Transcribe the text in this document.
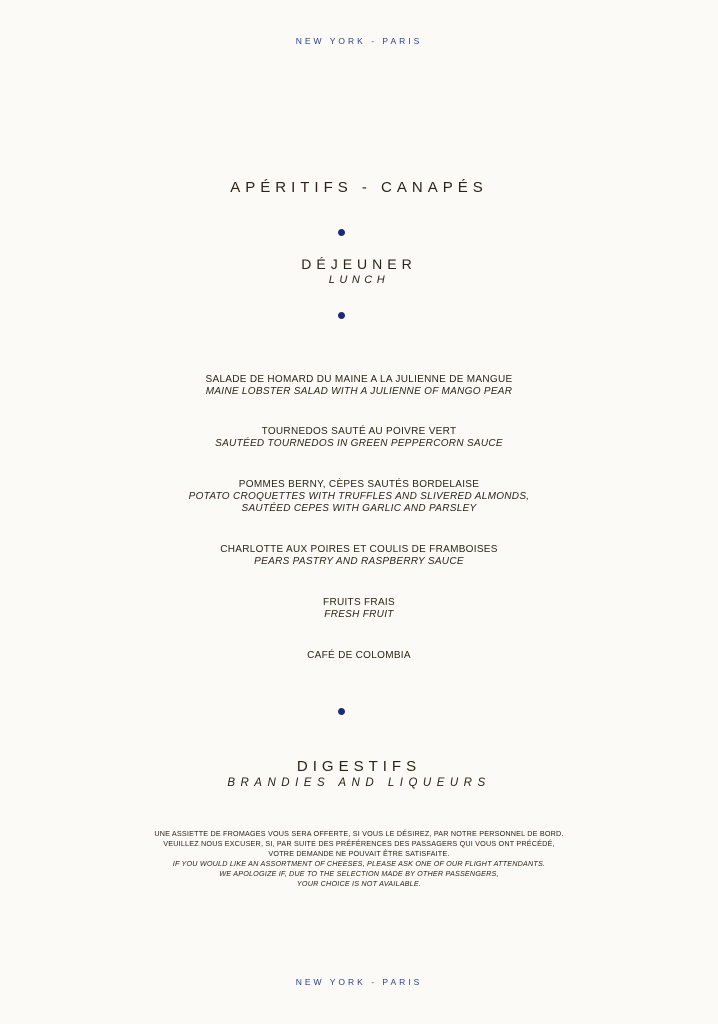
NEW YORK - PARIS
APÉRITIFS - CANAPÉS
DÉJEUNER
LUNCH
SALADE DE HOMARD DU MAINE A LA JULIENNE DE MANGUE
MAINE LOBSTER SALAD WITH A JULIENNE OF MANGO PEAR
TOURNEDOS SAUTÉ AU POIVRE VERT
SAUTÉED TOURNEDOS IN GREEN PEPPERCORN SAUCE
POMMES BERNY, CÈPES SAUTÉS BORDELAISE
POTATO CROQUETTES WITH TRUFFLES AND SLIVERED ALMONDS,
SAUTÉED CEPES WITH GARLIC AND PARSLEY
CHARLOTTE AUX POIRES ET COULIS DE FRAMBOISES
PEARS PASTRY AND RASPBERRY SAUCE
FRUITS FRAIS
FRESH FRUIT
CAFÉ DE COLOMBIA
DIGESTIFS
BRANDIES AND LIQUEURS
UNE ASSIETTE DE FROMAGES VOUS SERA OFFERTE, SI VOUS LE DÉSIREZ, PAR NOTRE PERSONNEL DE BORD.
VEUILLEZ NOUS EXCUSER, SI, PAR SUITE DES PRÉFÉRENCES DES PASSAGERS QUI VOUS ONT PRÉCÉDÉ,
VOTRE DEMANDE NE POUVAIT ÊTRE SATISFAITE.
IF YOU WOULD LIKE AN ASSORTMENT OF CHEESES, PLEASE ASK ONE OF OUR FLIGHT ATTENDANTS.
WE APOLOGIZE IF, DUE TO THE SELECTION MADE BY OTHER PASSENGERS,
YOUR CHOICE IS NOT AVAILABLE.
NEW YORK - PARIS
